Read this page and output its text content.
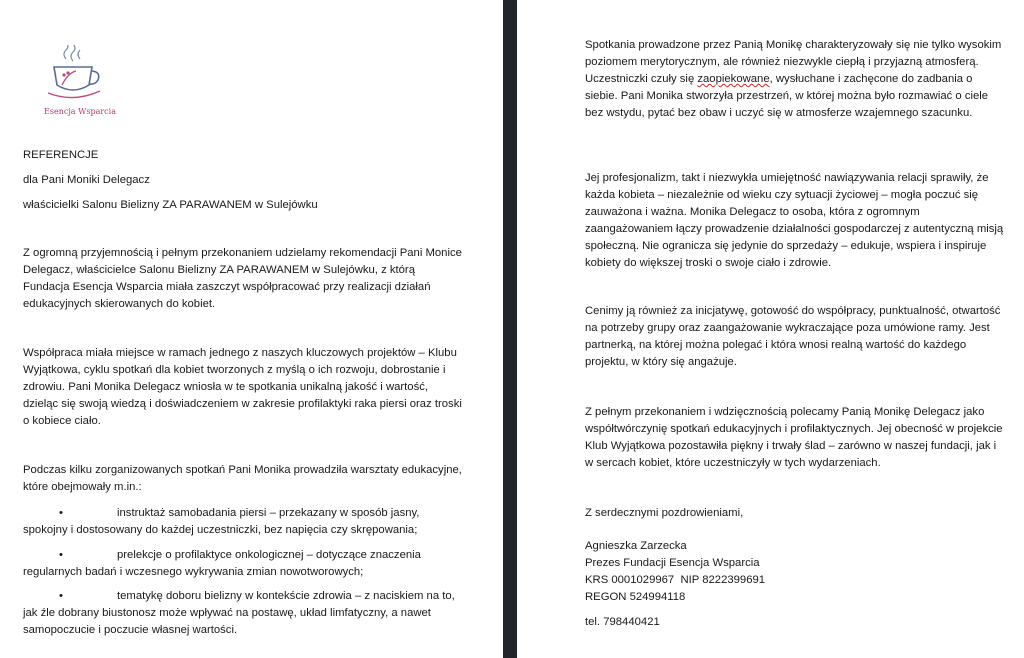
Esencja Wsparcia
REFERENCJE
dla Pani Moniki Delegacz
właścicielki Salonu Bielizny ZA PARAWANEM w Sulejówku

Z ogromną przyjemnością i pełnym przekonaniem udzielamy rekomendacji Pani Monice Delegacz, właścicielce Salonu Bielizny ZA PARAWANEM w Sulejówku, z którą Fundacja Esencja Wsparcia miała zaszczyt współpracować przy realizacji działań edukacyjnych skierowanych do kobiet.

Współpraca miała miejsce w ramach jednego z naszych kluczowych projektów – Klubu Wyjątkowa, cyklu spotkań dla kobiet tworzonych z myślą o ich rozwoju, dobrostanie i zdrowiu. Pani Monika Delegacz wniosła w te spotkania unikalną jakość i wartość, dzieląc się swoją wiedzą i doświadczeniem w zakresie profilaktyki raka piersi oraz troski o kobiece ciało.

Podczas kilku zorganizowanych spotkań Pani Monika prowadziła warsztaty edukacyjne, które obejmowały m.in.:

•	instruktaż samobadania piersi – przekazany w sposób jasny,
spokojny i dostosowany do każdej uczestniczki, bez napięcia czy skrępowania;
•	prelekcje o profilaktyce onkologicznej – dotyczące znaczenia
regularnych badań i wczesnego wykrywania zmian nowotworowych;
•	tematykę doboru bielizny w kontekście zdrowia – z naciskiem na to,
jak źle dobrany biustonosz może wpływać na postawę, układ limfatyczny, a nawet samopoczucie i poczucie własnej wartości.

Spotkania prowadzone przez Panią Monikę charakteryzowały się nie tylko wysokim poziomem merytorycznym, ale również niezwykle ciepłą i przyjazną atmosferą. Uczestniczki czuły się zaopiekowane, wysłuchane i zachęcone do zadbania o siebie. Pani Monika stworzyła przestrzeń, w której można było rozmawiać o ciele bez wstydu, pytać bez obaw i uczyć się w atmosferze wzajemnego szacunku.

Jej profesjonalizm, takt i niezwykła umiejętność nawiązywania relacji sprawiły, że każda kobieta – niezależnie od wieku czy sytuacji życiowej – mogła poczuć się zauważona i ważna. Monika Delegacz to osoba, która z ogromnym zaangażowaniem łączy prowadzenie działalności gospodarczej z autentyczną misją społeczną. Nie ogranicza się jedynie do sprzedaży – edukuje, wspiera i inspiruje kobiety do większej troski o swoje ciało i zdrowie.

Cenimy ją również za inicjatywę, gotowość do współpracy, punktualność, otwartość na potrzeby grupy oraz zaangażowanie wykraczające poza umówione ramy. Jest partnerką, na której można polegać i która wnosi realną wartość do każdego projektu, w który się angażuje.

Z pełnym przekonaniem i wdzięcznością polecamy Panią Monikę Delegacz jako współtwórczynię spotkań edukacyjnych i profilaktycznych. Jej obecność w projekcie Klub Wyjątkowa pozostawiła piękny i trwały ślad – zarówno w naszej fundacji, jak i w sercach kobiet, które uczestniczyły w tych wydarzeniach.

Z serdecznymi pozdrowieniami,
Agnieszka Zarzecka
Prezes Fundacji Esencja Wsparcia
KRS 0001029967  NIP 8222399691
REGON 524994118
tel. 798440421
